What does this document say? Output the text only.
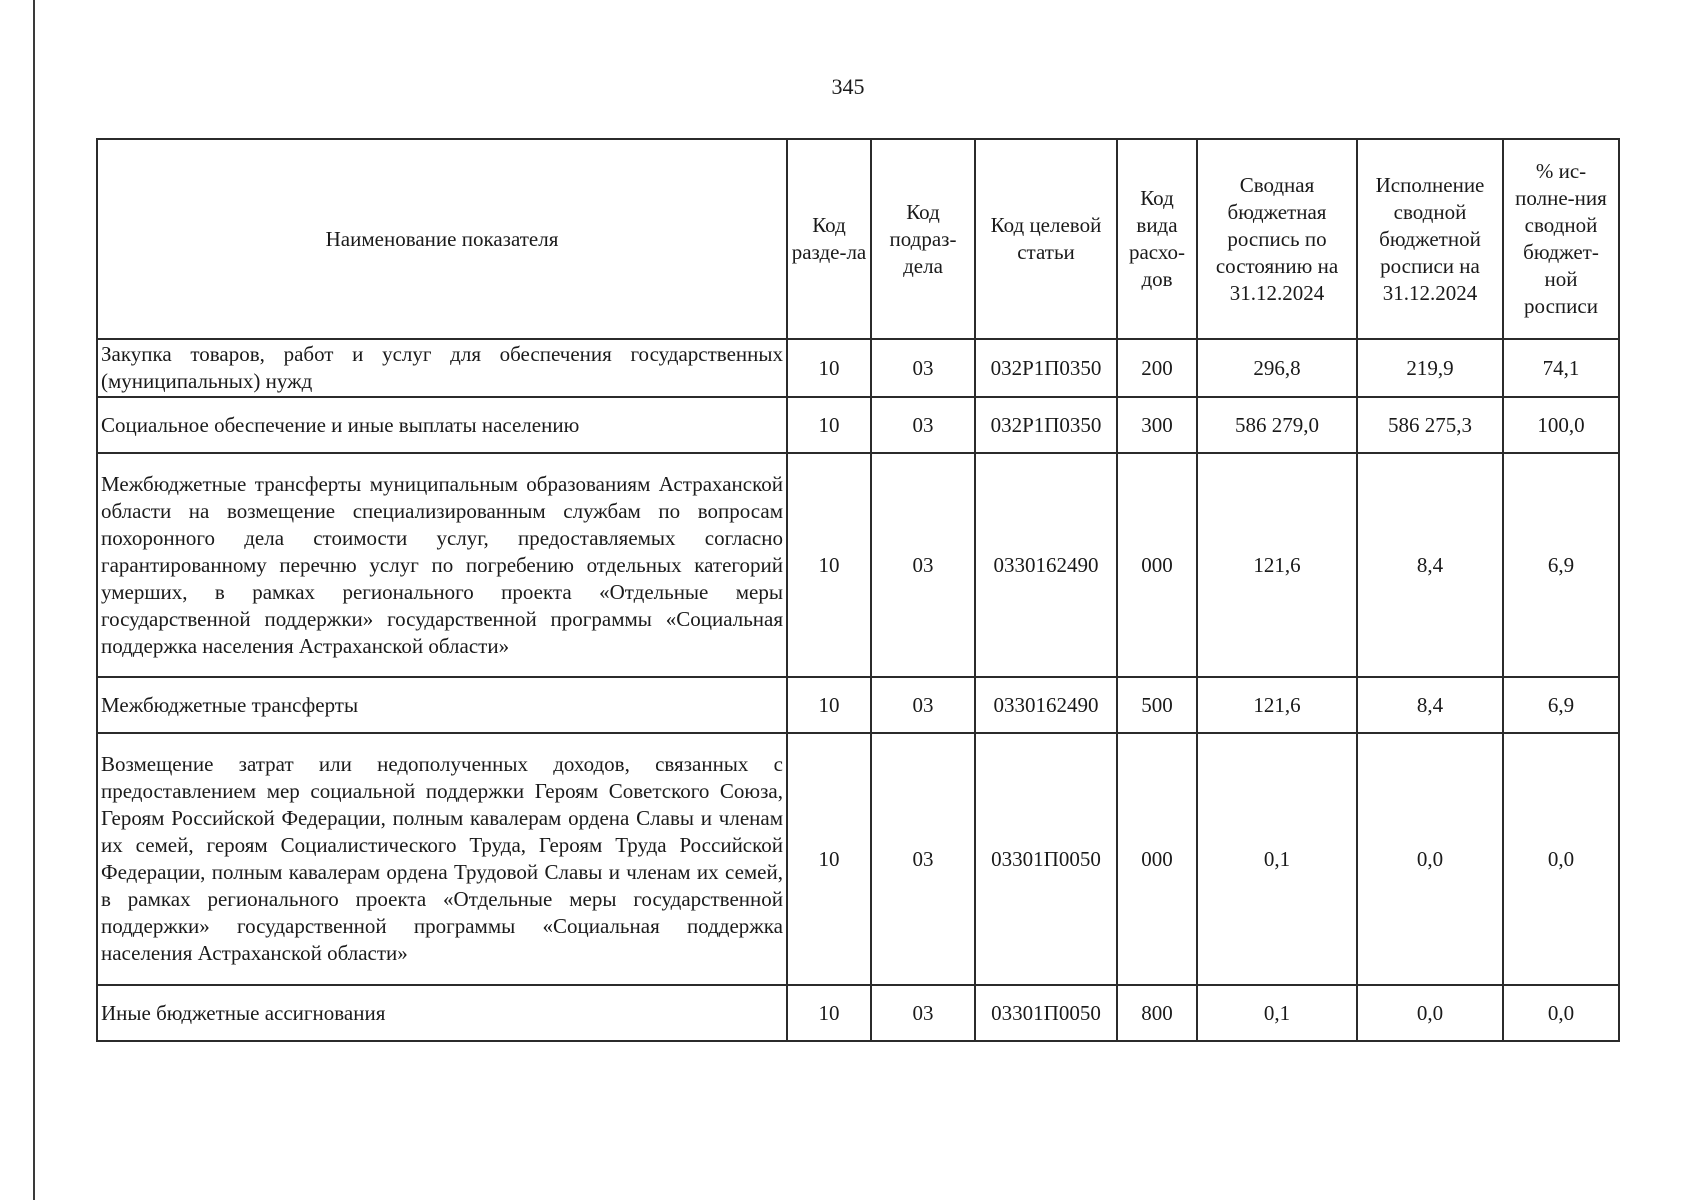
345
Наименование показателя	Код разде-ла	Код подраз-дела	Код целевой статьи	Код вида расхо-дов	Сводная бюджетная роспись по состоянию на 31.12.2024	Исполнение сводной бюджетной росписи на 31.12.2024	% ис-полне-ния сводной бюджет-ной росписи
Закупка товаров, работ и услуг для обеспечения государственных (муниципальных) нужд	10	03	032Р1П0350	200	296,8	219,9	74,1
Социальное обеспечение и иные выплаты населению	10	03	032Р1П0350	300	586 279,0	586 275,3	100,0
Межбюджетные трансферты муниципальным образованиям Астраханской области на возмещение специализированным службам по вопросам похоронного дела стоимости услуг, предоставляемых согласно гарантированному перечню услуг по погребению отдельных категорий умерших, в рамках регионального проекта «Отдельные меры государственной поддержки» государственной программы «Социальная поддержка населения Астраханской области»	10	03	0330162490	000	121,6	8,4	6,9
Межбюджетные трансферты	10	03	0330162490	500	121,6	8,4	6,9
Возмещение затрат или недополученных доходов, связанных с предоставлением мер социальной поддержки Героям Советского Союза, Героям Российской Федерации, полным кавалерам ордена Славы и членам их семей, героям Социалистического Труда, Героям Труда Российской Федерации, полным кавалерам ордена Трудовой Славы и членам их семей, в рамках регионального проекта «Отдельные меры государственной поддержки» государственной программы «Социальная поддержка населения Астраханской области»	10	03	03301П0050	000	0,1	0,0	0,0
Иные бюджетные ассигнования	10	03	03301П0050	800	0,1	0,0	0,0
